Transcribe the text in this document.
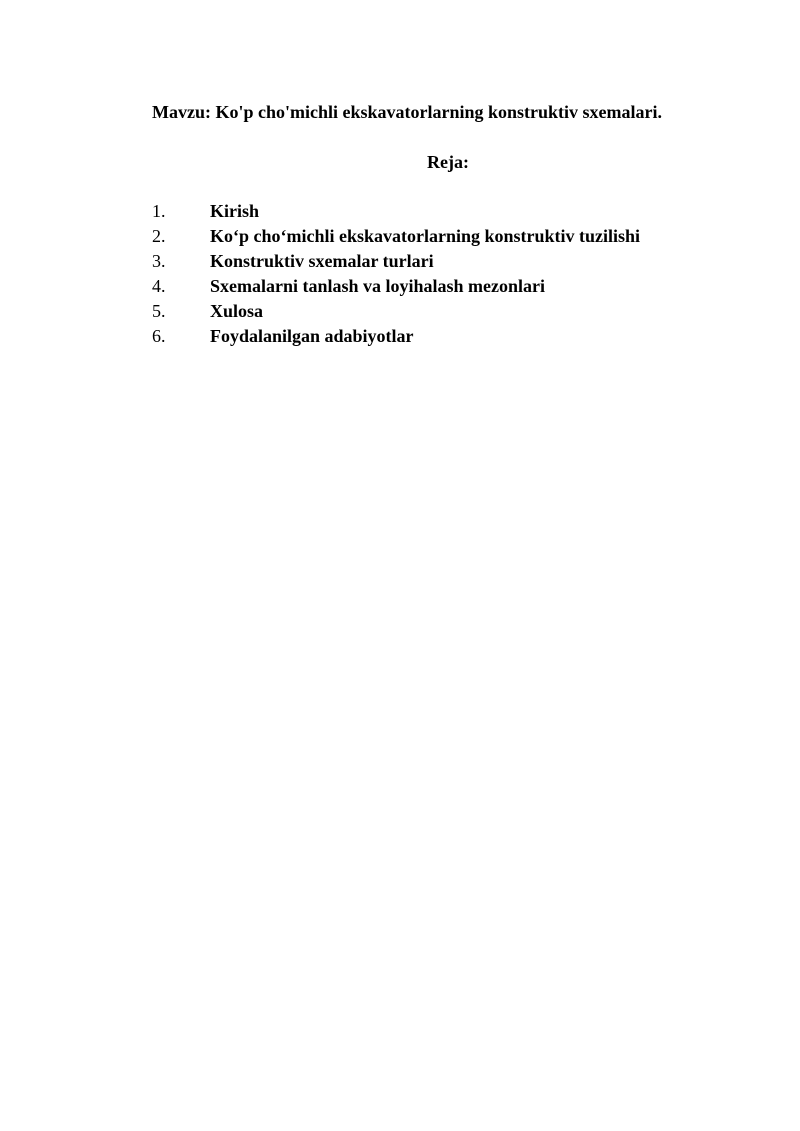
Mavzu: Ko'p cho'michli ekskavatorlarning konstruktiv sxemalari.
Reja:
1.	Kirish
2.	Ko‘p cho‘michli ekskavatorlarning konstruktiv tuzilishi
3.	Konstruktiv sxemalar turlari
4.	Sxemalarni tanlash va loyihalash mezonlari
5.	Xulosa
6.	Foydalanilgan adabiyotlar
